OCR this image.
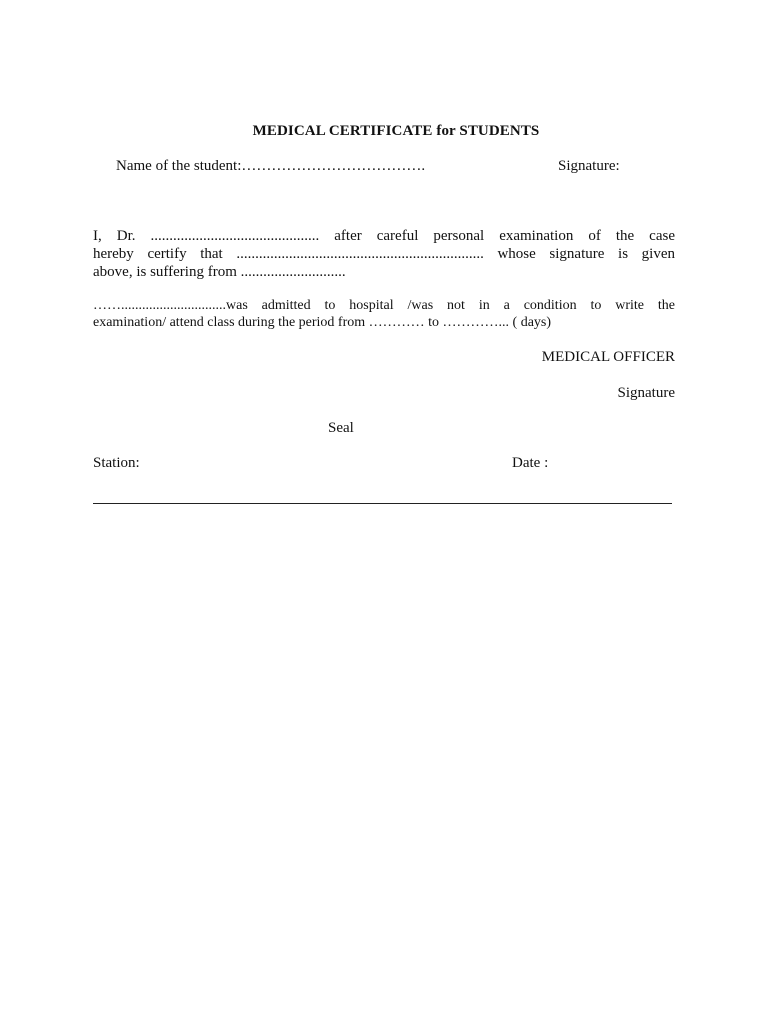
MEDICAL CERTIFICATE for STUDENTS
Name of the student:……………………………….	Signature:
I, Dr. ............................................. after careful personal examination of the case
hereby certify that .................................................................. whose signature is given
above, is suffering from ............................
……..............................was admitted to hospital /was not in a condition to write the
examination/ attend class during the period from ………… to …………... ( days)
MEDICAL OFFICER
Signature
Seal
Station:	Date :
